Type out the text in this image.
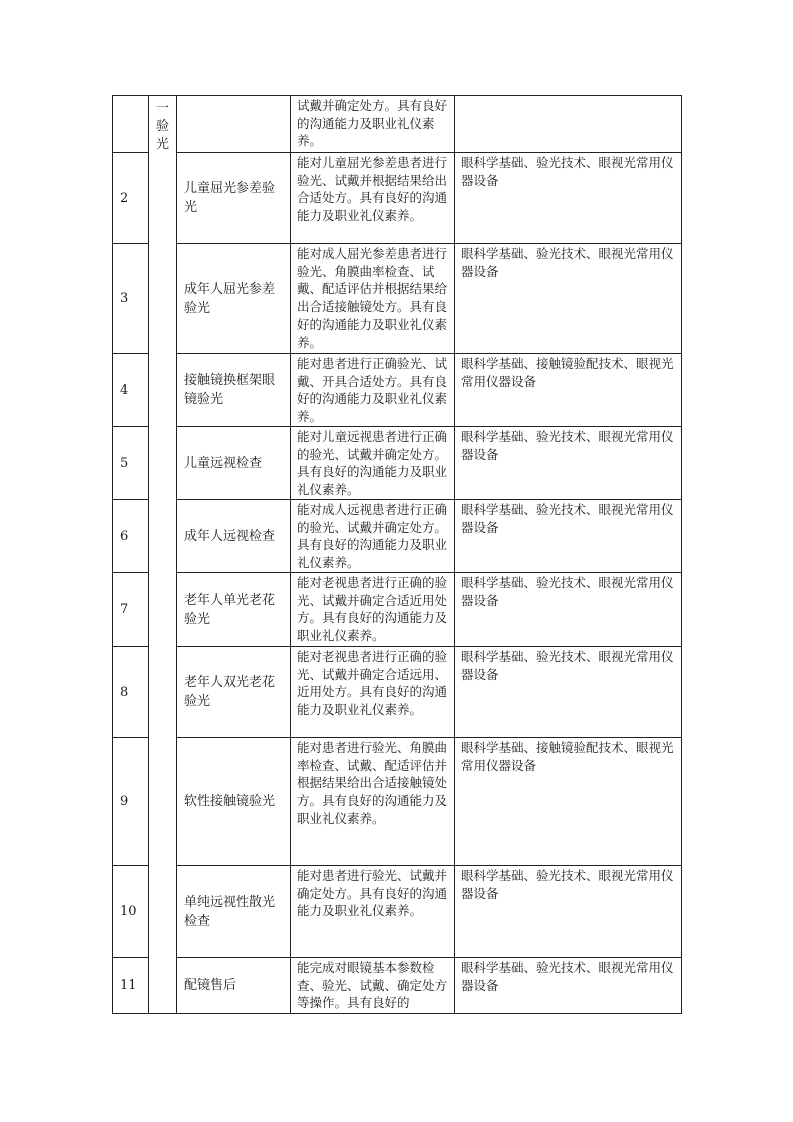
	一验光		试戴并确定处方。具有良好的沟通能力及职业礼仪素养。	

2		儿童屈光参差验光	能对儿童屈光参差患者进行验光、试戴并根据结果给出合适处方。具有良好的沟通能力及职业礼仪素养。	眼科学基础、验光技术、眼视光常用仪器设备

3		成年人屈光参差验光	能对成人屈光参差患者进行验光、角膜曲率检查、试戴、配适评估并根据结果给出合适接触镜处方。具有良好的沟通能力及职业礼仪素养。	眼科学基础、验光技术、眼视光常用仪器设备

4		接触镜换框架眼镜验光	能对患者进行正确验光、试戴、开具合适处方。具有良好的沟通能力及职业礼仪素养。	眼科学基础、接触镜验配技术、眼视光常用仪器设备

5		儿童远视检查	能对儿童远视患者进行正确的验光、试戴并确定处方。具有良好的沟通能力及职业礼仪素养。	眼科学基础、验光技术、眼视光常用仪器设备

6		成年人远视检查	能对成人远视患者进行正确的验光、试戴并确定处方。具有良好的沟通能力及职业礼仪素养。	眼科学基础、验光技术、眼视光常用仪器设备

7		老年人单光老花验光	能对老视患者进行正确的验光、试戴并确定合适近用处方。具有良好的沟通能力及职业礼仪素养。	眼科学基础、验光技术、眼视光常用仪器设备

8		老年人双光老花验光	能对老视患者进行正确的验光、试戴并确定合适远用、近用处方。具有良好的沟通能力及职业礼仪素养。	眼科学基础、验光技术、眼视光常用仪器设备

9		软性接触镜验光	能对患者进行验光、角膜曲率检查、试戴、配适评估并根据结果给出合适接触镜处方。具有良好的沟通能力及职业礼仪素养。	眼科学基础、接触镜验配技术、眼视光常用仪器设备

10		单纯远视性散光检查	能对患者进行验光、试戴并确定处方。具有良好的沟通能力及职业礼仪素养。	眼科学基础、验光技术、眼视光常用仪器设备

11		配镜售后	能完成对眼镜基本参数检查、验光、试戴、确定处方等操作。具有良好的	眼科学基础、验光技术、眼视光常用仪器设备
